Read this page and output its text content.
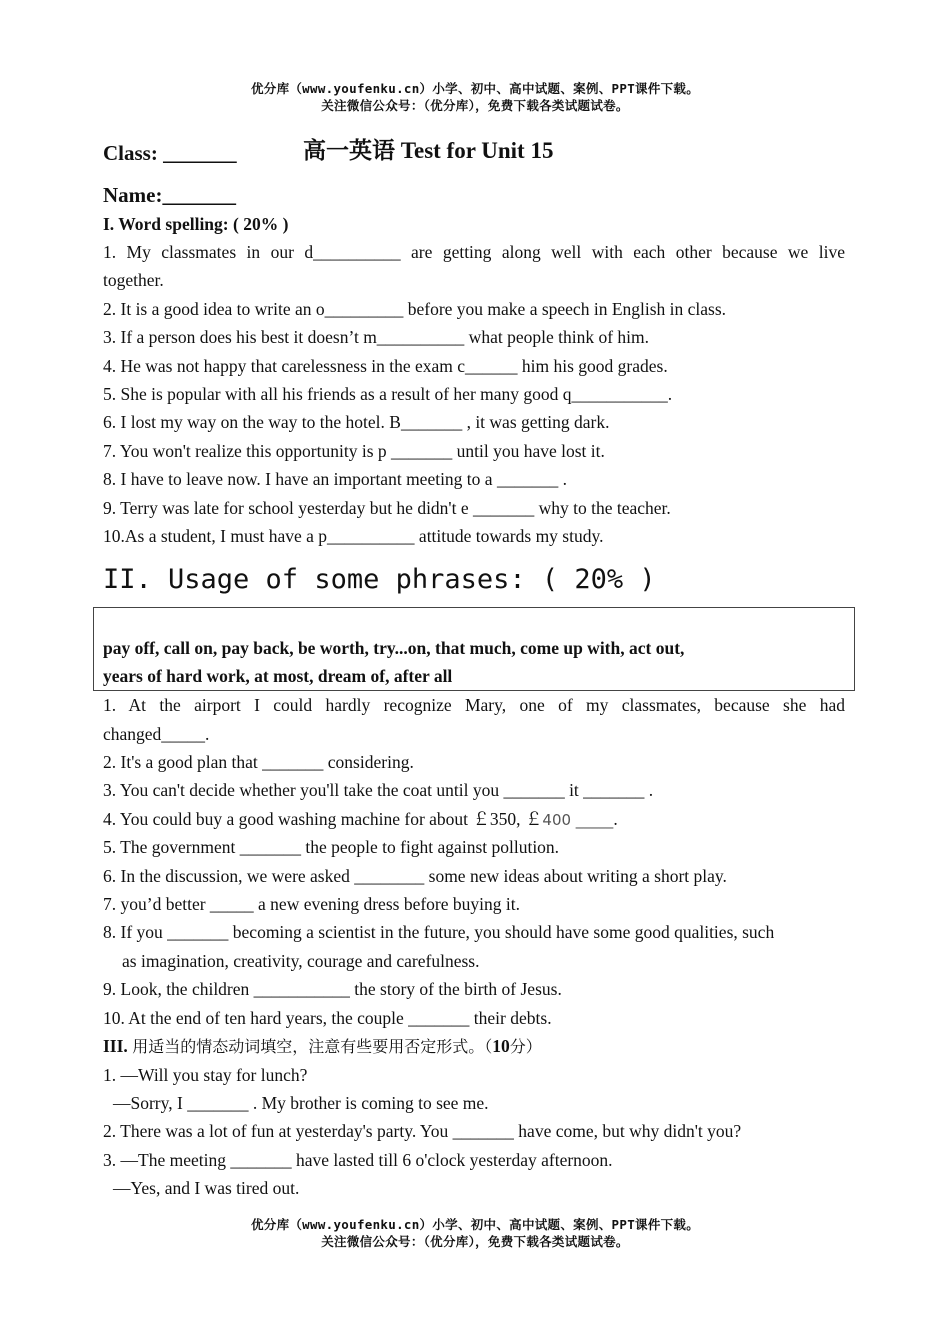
优分库（www.youfenku.cn）小学、初中、高中试题、案例、PPT课件下载。
关注微信公众号：（优分库），免费下载各类试题试卷。
Class: _______	高一英语 Test for Unit 15
Name:_______
I. Word spelling: ( 20% )
1. My classmates in our d__________ are getting along well with each other because we live
together.
2. It is a good idea to write an o_________ before you make a speech in English in class.
3. If a person does his best it doesn’t m__________ what people think of him.
4. He was not happy that carelessness in the exam c______ him his good grades.
5. She is popular with all his friends as a result of her many good q___________.
6. I lost my way on the way to the hotel. B_______ , it was getting dark.
7. You won't realize this opportunity is p _______ until you have lost it.
8. I have to leave now. I have an important meeting to a _______ .
9. Terry was late for school yesterday but he didn't e _______ why to the teacher.
10.As a student, I must have a p__________ attitude towards my study.
II. Usage of some phrases: ( 20% )
pay off, call on, pay back, be worth, try...on, that much, come up with, act out,
years of hard work, at most, dream of, after all
1. At the airport I could hardly recognize Mary, one of my classmates, because she had
changed_____.
2. It's a good plan that _______ considering.
3. You can't decide whether you'll take the coat until you _______ it _______ .
4. You could buy a good washing machine for about ￡350, ￡400 _____.
5. The government _______ the people to fight against pollution.
6. In the discussion, we were asked ________ some new ideas about writing a short play.
7. you’d better _____ a new evening dress before buying it.
8. If you _______ becoming a scientist in the future, you should have some good qualities, such
as imagination, creativity, courage and carefulness.
9. Look, the children ___________ the story of the birth of Jesus.
10. At the end of ten hard years, the couple _______ their debts.
III. 用适当的情态动词填空，注意有些要用否定形式。（10分）
1. —Will you stay for lunch?
—Sorry, I _______ . My brother is coming to see me.
2. There was a lot of fun at yesterday's party. You _______ have come, but why didn't you?
3. —The meeting _______ have lasted till 6 o'clock yesterday afternoon.
—Yes, and I was tired out.
优分库（www.youfenku.cn）小学、初中、高中试题、案例、PPT课件下载。
关注微信公众号：（优分库），免费下载各类试题试卷。
